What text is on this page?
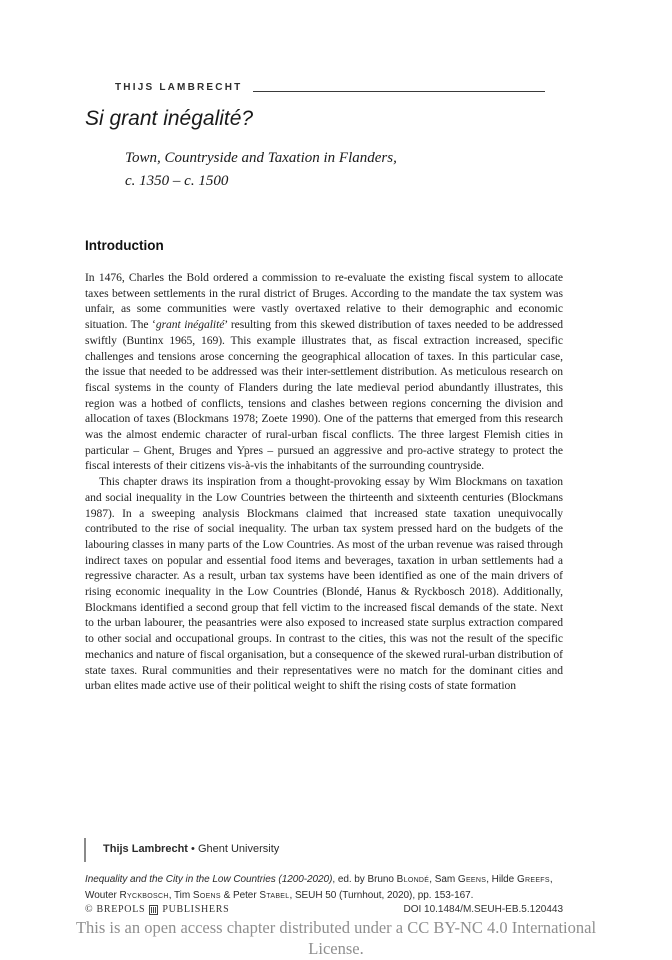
THIJS LAMBRECHT
Si grant inégalité?
Town, Countryside and Taxation in Flanders,
c. 1350 – c. 1500
Introduction

In 1476, Charles the Bold ordered a commission to re-evaluate the existing fiscal system to allocate taxes between settlements in the rural district of Bruges. According to the mandate the tax system was unfair, as some communities were vastly overtaxed relative to their demographic and economic situation. The ‘grant inégalité’ resulting from this skewed distribution of taxes needed to be addressed swiftly (Buntinx 1965, 169). This example illustrates that, as fiscal extraction increased, specific challenges and tensions arose concerning the geographical allocation of taxes. In this particular case, the issue that needed to be addressed was their inter-settlement distribution. As meticulous research on fiscal systems in the county of Flanders during the late medieval period abundantly illustrates, this region was a hotbed of conflicts, tensions and clashes between regions concerning the division and allocation of taxes (Blockmans 1978; Zoete 1990). One of the patterns that emerged from this research was the almost endemic character of rural-urban fiscal conflicts. The three largest Flemish cities in particular – Ghent, Bruges and Ypres – pursued an aggressive and pro-active strategy to protect the fiscal interests of their citizens vis-à-vis the inhabitants of the surrounding countryside.

This chapter draws its inspiration from a thought-provoking essay by Wim Blockmans on taxation and social inequality in the Low Countries between the thirteenth and sixteenth centuries (Blockmans 1987). In a sweeping analysis Blockmans claimed that increased state taxation unequivocally contributed to the rise of social inequality. The urban tax system pressed hard on the budgets of the labouring classes in many parts of the Low Countries. As most of the urban revenue was raised through indirect taxes on popular and essential food items and beverages, taxation in urban settlements had a regressive character. As a result, urban tax systems have been identified as one of the main drivers of rising economic inequality in the Low Countries (Blondé, Hanus & Ryckbosch 2018). Additionally, Blockmans identified a second group that fell victim to the increased fiscal demands of the state. Next to the urban labourer, the peasantries were also exposed to increased state surplus extraction compared to other social and occupational groups. In contrast to the cities, this was not the result of the specific mechanics and nature of fiscal organisation, but a consequence of the skewed rural-urban distribution of state taxes. Rural communities and their representatives were no match for the dominant cities and urban elites made active use of their political weight to shift the rising costs of state formation

Thijs Lambrecht • Ghent University
Inequality and the City in the Low Countries (1200-2020), ed. by Bruno Blondé, Sam Geens, Hilde Greefs,
Wouter Ryckbosch, Tim Soens & Peter Stabel, SEUH 50 (Turnhout, 2020), pp. 153-167.
© BREPOLS PUBLISHERS	DOI 10.1484/M.SEUH-EB.5.120443
This is an open access chapter distributed under a CC BY-NC 4.0 International
License.
